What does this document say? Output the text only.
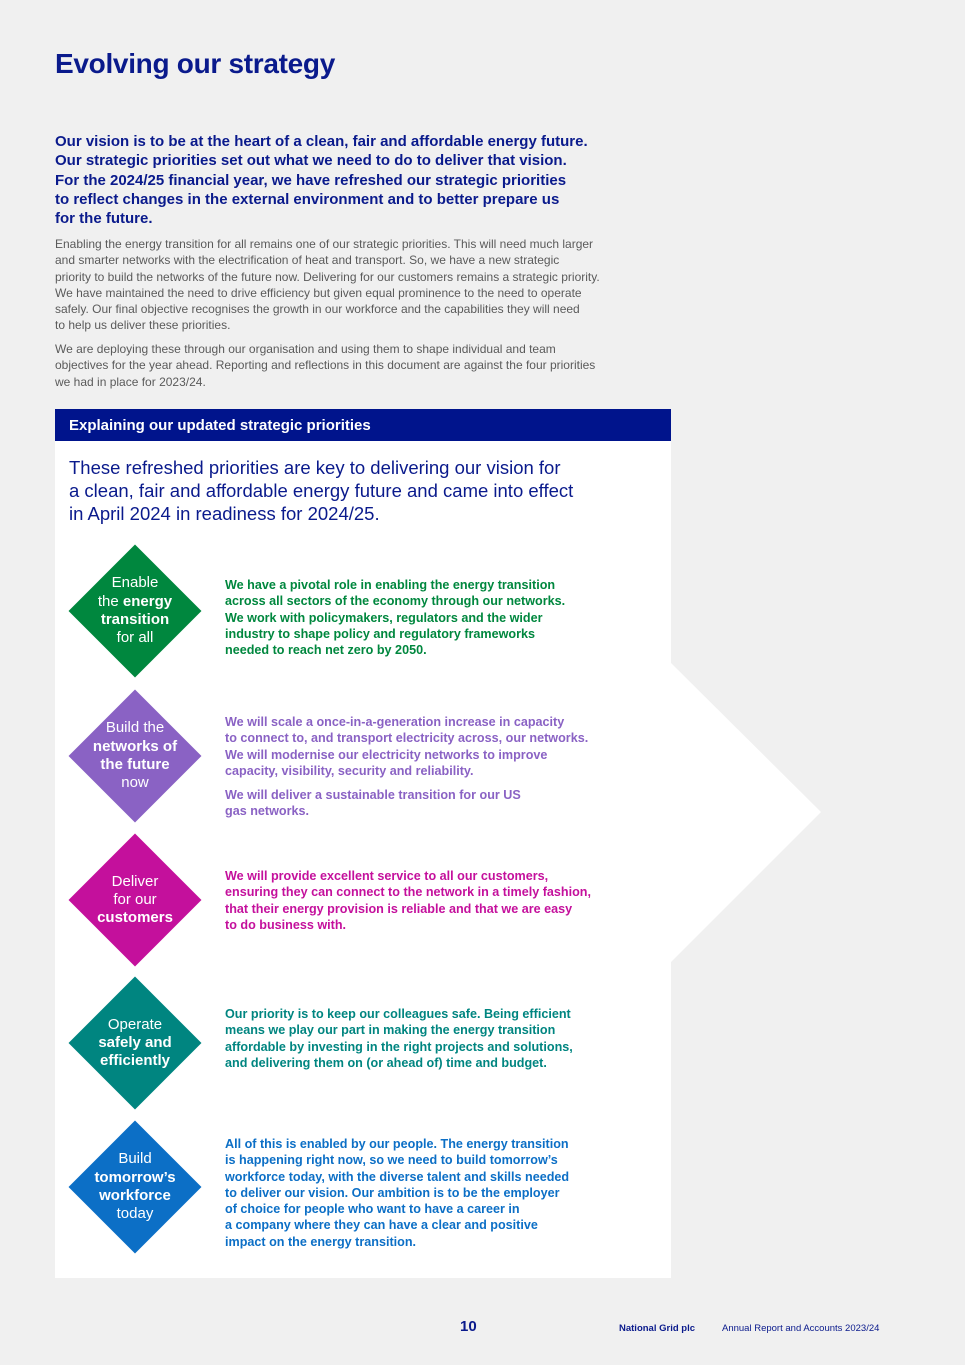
Evolving our strategy
Our vision is to be at the heart of a clean, fair and affordable energy future.
Our strategic priorities set out what we need to do to deliver that vision.
For the 2024/25 financial year, we have refreshed our strategic priorities
to reflect changes in the external environment and to better prepare us
for the future.
Enabling the energy transition for all remains one of our strategic priorities. This will need much larger
and smarter networks with the electrification of heat and transport. So, we have a new strategic
priority to build the networks of the future now. Delivering for our customers remains a strategic priority.
We have maintained the need to drive efficiency but given equal prominence to the need to operate
safely. Our final objective recognises the growth in our workforce and the capabilities they will need
to help us deliver these priorities.
We are deploying these through our organisation and using them to shape individual and team
objectives for the year ahead. Reporting and reflections in this document are against the four priorities
we had in place for 2023/24.
Explaining our updated strategic priorities
These refreshed priorities are key to delivering our vision for
a clean, fair and affordable energy future and came into effect
in April 2024 in readiness for 2024/25.
Enable
the energy
transition
for all
We have a pivotal role in enabling the energy transition
across all sectors of the economy through our networks.
We work with policymakers, regulators and the wider
industry to shape policy and regulatory frameworks
needed to reach net zero by 2050.
Build the
networks of
the future
now
We will scale a once-in-a-generation increase in capacity
to connect to, and transport electricity across, our networks.
We will modernise our electricity networks to improve
capacity, visibility, security and reliability.
We will deliver a sustainable transition for our US
gas networks.
Deliver
for our
customers
We will provide excellent service to all our customers,
ensuring they can connect to the network in a timely fashion,
that their energy provision is reliable and that we are easy
to do business with.
Operate
safely and
efficiently
Our priority is to keep our colleagues safe. Being efficient
means we play our part in making the energy transition
affordable by investing in the right projects and solutions,
and delivering them on (or ahead of) time and budget.
Build
tomorrow’s
workforce
today
All of this is enabled by our people. The energy transition
is happening right now, so we need to build tomorrow’s
workforce today, with the diverse talent and skills needed
to deliver our vision. Our ambition is to be the employer
of choice for people who want to have a career in
a company where they can have a clear and positive
impact on the energy transition.
10	National Grid plc	Annual Report and Accounts 2023/24
